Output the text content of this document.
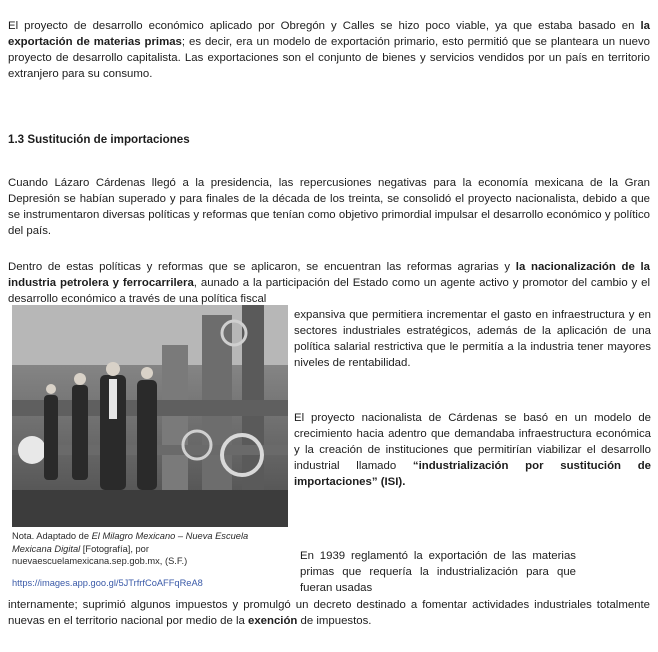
El proyecto de desarrollo económico aplicado por Obregón y Calles se hizo poco viable, ya que estaba basado en la exportación de materias primas; es decir, era un modelo de exportación primario, esto permitió que se planteara un nuevo proyecto de desarrollo capitalista. Las exportaciones son el conjunto de bienes y servicios vendidos por un país en territorio extranjero para su consumo.

1.3 Sustitución de importaciones

Cuando Lázaro Cárdenas llegó a la presidencia, las repercusiones negativas para la economía mexicana de la Gran Depresión se habían superado y para finales de la década de los treinta, se consolidó el proyecto nacionalista, debido a que se instrumentaron diversas políticas y reformas que tenían como objetivo primordial impulsar el desarrollo económico y político del país.

Dentro de estas políticas y reformas que se aplicaron, se encuentran las reformas agrarias y la nacionalización de la industria petrolera y ferrocarrilera, aunado a la participación del Estado como un agente activo y promotor del cambio y el desarrollo económico a través de una política fiscal

expansiva que permitiera incrementar el gasto en infraestructura y en sectores industriales estratégicos, además de la aplicación de una política salarial restrictiva que le permitía a la industria tener mayores niveles de rentabilidad.

El proyecto nacionalista de Cárdenas se basó en un modelo de crecimiento hacia adentro que demandaba infraestructura económica y la creación de instituciones que permitirían viabilizar el desarrollo industrial llamado “industrialización por sustitución de importaciones” (ISI).

Nota. Adaptado de El Milagro Mexicano – Nueva Escuela Mexicana Digital [Fotografía], por nuevaescuelamexicana.sep.gob.mx, (S.F.)
https://images.app.goo.gl/5JTrfrfCoAFFqReA8

En 1939 reglamentó la exportación de las materias primas que requería la industrialización para que fueran usadas

internamente; suprimió algunos impuestos y promulgó un decreto destinado a fomentar actividades industriales totalmente nuevas en el territorio nacional por medio de la exención de impuestos.
